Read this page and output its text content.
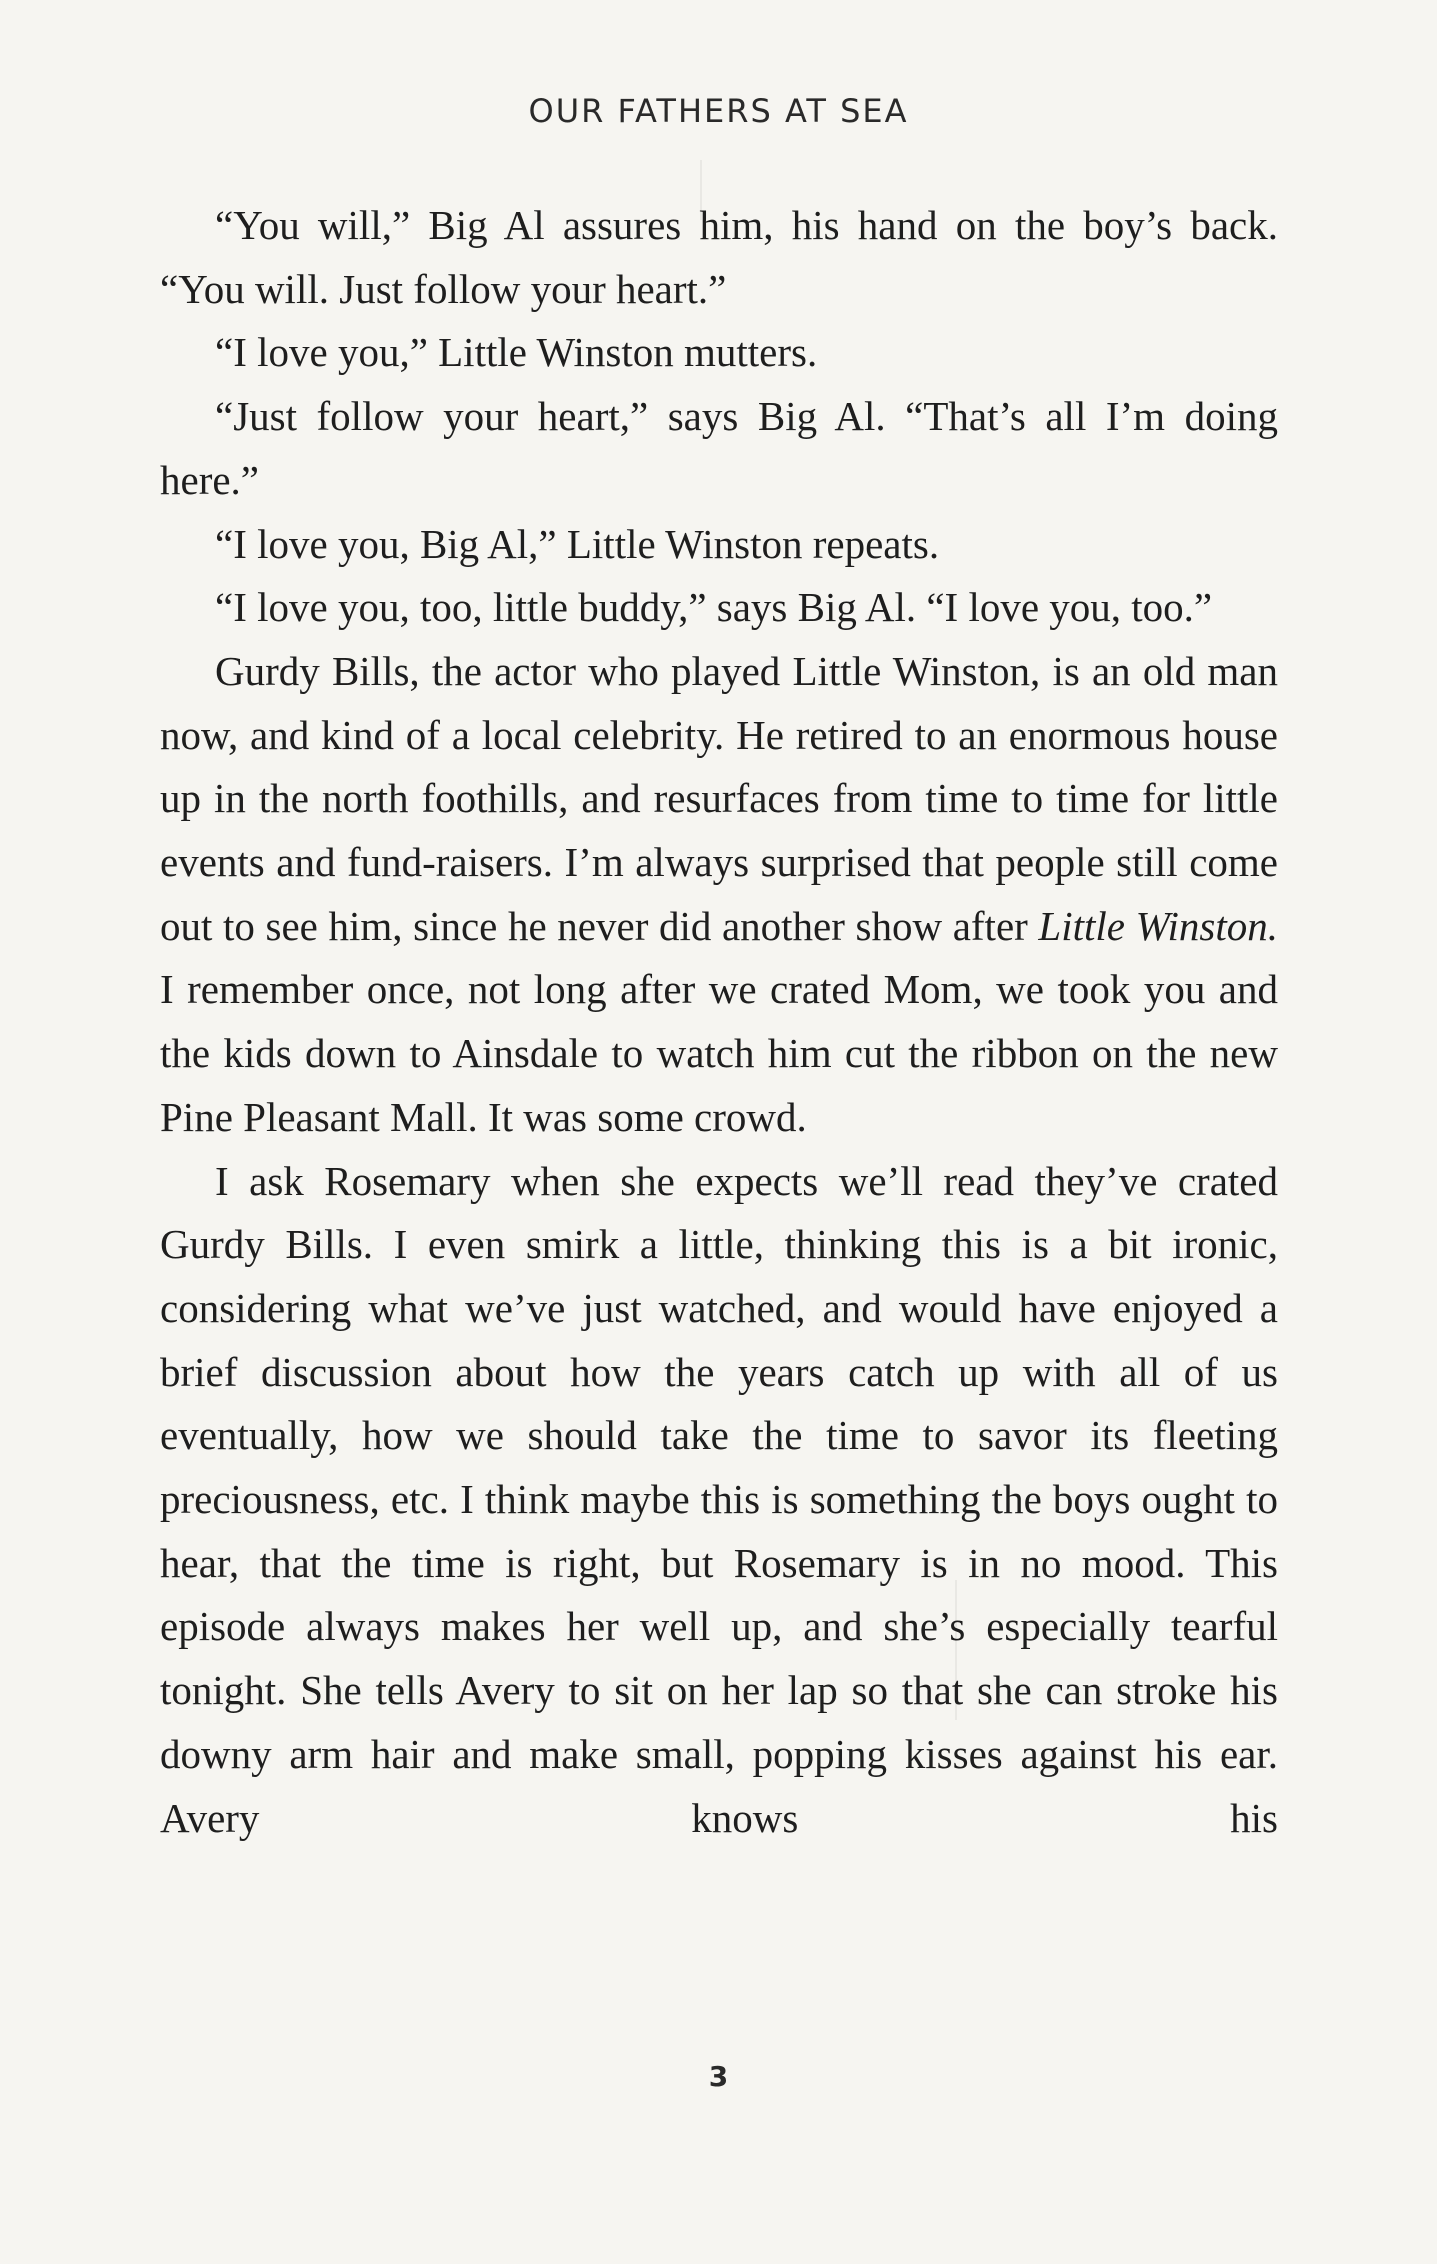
OUR FATHERS AT SEA

“You will,” Big Al assures him, his hand on the boy’s back. “You will. Just follow your heart.”

“I love you,” Little Winston mutters.

“Just follow your heart,” says Big Al. “That’s all I’m doing here.”

“I love you, Big Al,” Little Winston repeats.

“I love you, too, little buddy,” says Big Al. “I love you, too.”

Gurdy Bills, the actor who played Little Winston, is an old man now, and kind of a local celebrity. He retired to an enormous house up in the north foothills, and resurfaces from time to time for little events and fund-raisers. I’m always surprised that people still come out to see him, since he never did another show after Little Winston. I remember once, not long after we crated Mom, we took you and the kids down to Ainsdale to watch him cut the ribbon on the new Pine Pleasant Mall. It was some crowd.

I ask Rosemary when she expects we’ll read they’ve crated Gurdy Bills. I even smirk a little, thinking this is a bit ironic, considering what we’ve just watched, and would have enjoyed a brief discussion about how the years catch up with all of us eventually, how we should take the time to savor its fleeting preciousness, etc. I think maybe this is something the boys ought to hear, that the time is right, but Rosemary is in no mood. This episode always makes her well up, and she’s especially tearful tonight. She tells Avery to sit on her lap so that she can stroke his downy arm hair and make small, popping kisses against his ear. Avery knows his

3
